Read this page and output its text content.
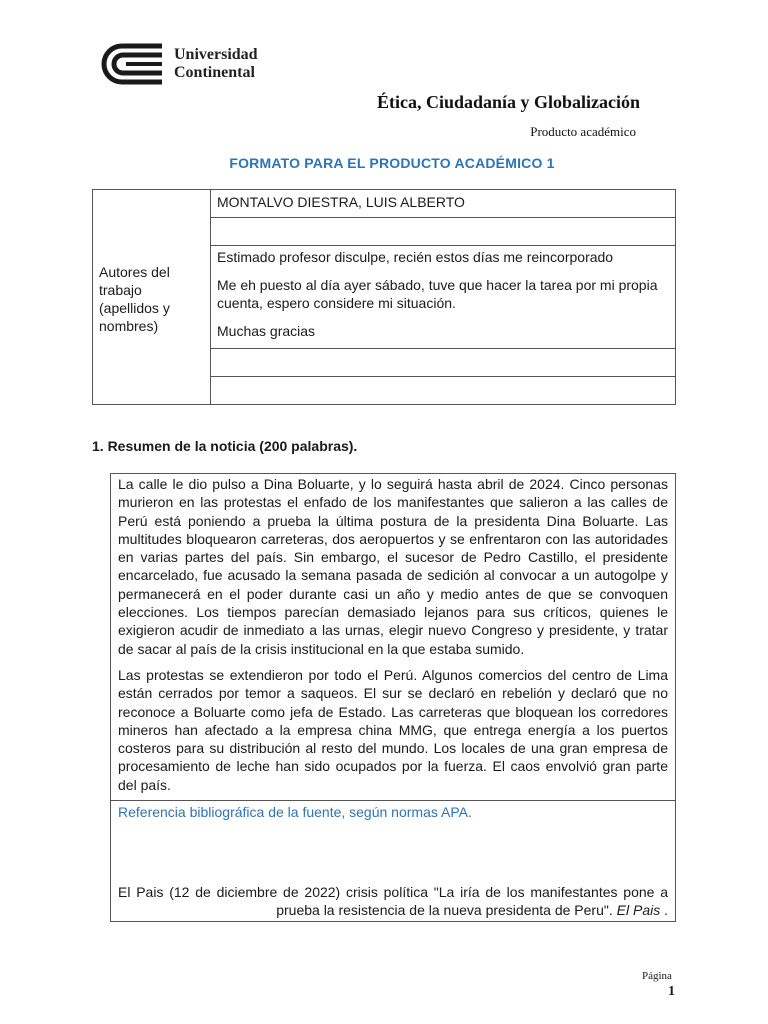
Universidad
Continental
Ética, Ciudadanía y Globalización
Producto académico
FORMATO PARA EL PRODUCTO ACADÉMICO 1
Autores del trabajo (apellidos y nombres)	
MONTALVO DIESTRA, LUIS ALBERTO

Estimado profesor disculpe, recién estos días me reincorporado

Me eh puesto al día ayer sábado, tuve que hacer la tarea por mi propia cuenta, espero considere mi situación.

Muchas gracias

1. Resumen de la noticia (200 palabras).

La calle le dio pulso a Dina Boluarte, y lo seguirá hasta abril de 2024. Cinco personas murieron en las protestas el enfado de los manifestantes que salieron a las calles de Perú está poniendo a prueba la última postura de la presidenta Dina Boluarte. Las multitudes bloquearon carreteras, dos aeropuertos y se enfrentaron con las autoridades en varias partes del país. Sin embargo, el sucesor de Pedro Castillo, el presidente encarcelado, fue acusado la semana pasada de sedición al convocar a un autogolpe y permanecerá en el poder durante casi un año y medio antes de que se convoquen elecciones. Los tiempos parecían demasiado lejanos para sus críticos, quienes le exigieron acudir de inmediato a las urnas, elegir nuevo Congreso y presidente, y tratar de sacar al país de la crisis institucional en la que estaba sumido.

Las protestas se extendieron por todo el Perú. Algunos comercios del centro de Lima están cerrados por temor a saqueos. El sur se declaró en rebelión y declaró que no reconoce a Boluarte como jefa de Estado. Las carreteras que bloquean los corredores mineros han afectado a la empresa china MMG, que entrega energía a los puertos costeros para su distribución al resto del mundo. Los locales de una gran empresa de procesamiento de leche han sido ocupados por la fuerza. El caos envolvió gran parte del país.

Referencia bibliográfica de la fuente, según normas APA.
El Pais (12 de diciembre de 2022) crisis política "La iría de los manifestantes pone a prueba la resistencia de la nueva presidenta de Peru". El Pais .
Página
1
